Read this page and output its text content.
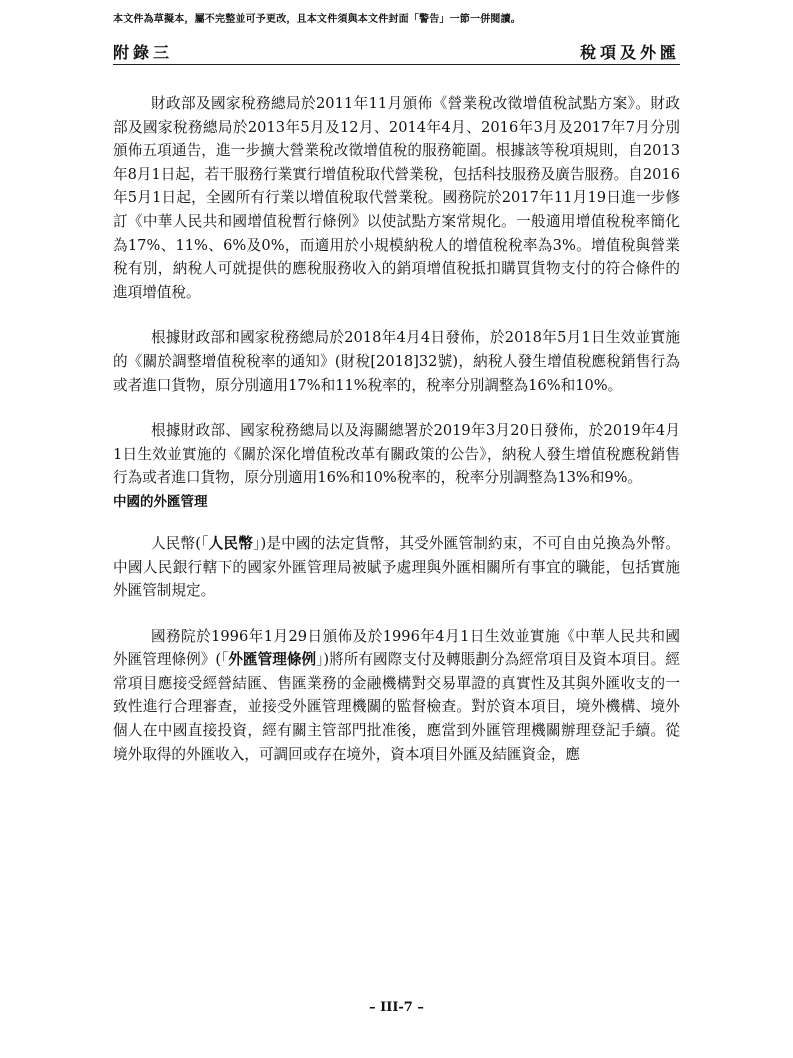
本文件為草擬本，屬不完整並可予更改，且本文件須與本文件封面「警告」一節一併閱讀。
附錄三	稅項及外匯

財政部及國家稅務總局於2011年11月頒佈《營業稅改徵增值稅試點方案》。財政部及國家稅務總局於2013年5月及12月、2014年4月、2016年3月及2017年7月分別頒佈五項通告，進一步擴大營業稅改徵增值稅的服務範圍。根據該等稅項規則，自2013年8月1日起，若干服務行業實行增值稅取代營業稅，包括科技服務及廣告服務。自2016年5月1日起，全國所有行業以增值稅取代營業稅。國務院於2017年11月19日進一步修訂《中華人民共和國增值稅暫行條例》以使試點方案常規化。一般適用增值稅稅率簡化為17%、11%、6%及0%，而適用於小規模納稅人的增值稅稅率為3%。增值稅與營業稅有別，納稅人可就提供的應稅服務收入的銷項增值稅抵扣購買貨物支付的符合條件的進項增值稅。

根據財政部和國家稅務總局於2018年4月4日發佈，於2018年5月1日生效並實施的《關於調整增值稅稅率的通知》(財稅[2018]32號)，納稅人發生增值稅應稅銷售行為或者進口貨物，原分別適用17%和11%稅率的，稅率分別調整為16%和10%。

根據財政部、國家稅務總局以及海關總署於2019年3月20日發佈，於2019年4月1日生效並實施的《關於深化增值稅改革有關政策的公告》，納稅人發生增值稅應稅銷售行為或者進口貨物，原分別適用16%和10%稅率的，稅率分別調整為13%和9%。

中國的外匯管理

人民幣(「人民幣」)是中國的法定貨幣，其受外匯管制約束，不可自由兑換為外幣。中國人民銀行轄下的國家外匯管理局被賦予處理與外匯相關所有事宜的職能，包括實施外匯管制規定。

國務院於1996年1月29日頒佈及於1996年4月1日生效並實施《中華人民共和國外匯管理條例》(「外匯管理條例」)將所有國際支付及轉賬劃分為經常項目及資本項目。經常項目應接受經營結匯、售匯業務的金融機構對交易單證的真實性及其與外匯收支的一致性進行合理審查，並接受外匯管理機關的監督檢查。對於資本項目，境外機構、境外個人在中國直接投資，經有關主管部門批准後，應當到外匯管理機關辦理登記手續。從境外取得的外匯收入，可調回或存在境外，資本項目外匯及結匯資金，應

– III-7 –
